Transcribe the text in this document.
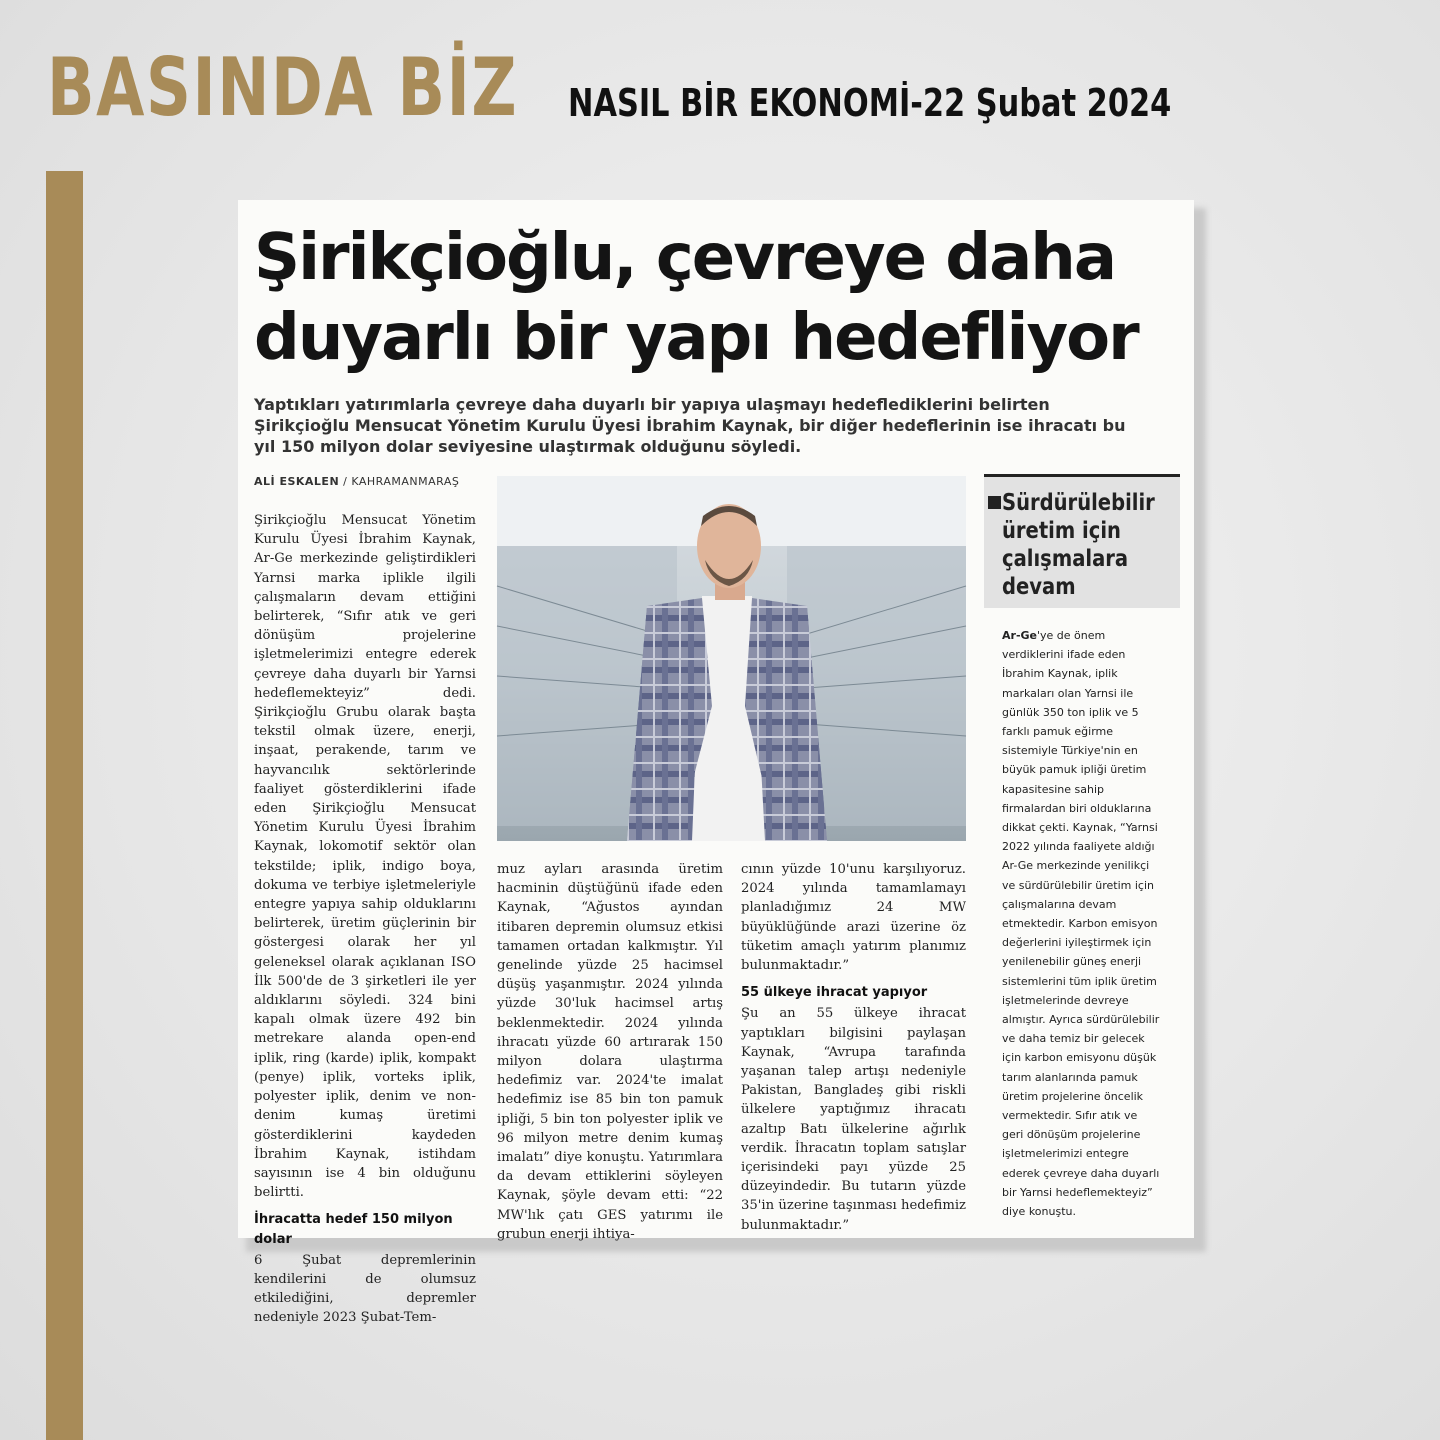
BASINDA BİZ NASIL BİR EKONOMİ-22 Şubat 2024
Şirikçioğlu, çevreye daha duyarlı bir yapı hedefliyor
Yaptıkları yatırımlarla çevreye daha duyarlı bir yapıya ulaşmayı hedeflediklerini belirten Şirikçioğlu Mensucat Yönetim Kurulu Üyesi İbrahim Kaynak, bir diğer hedeflerinin ise ihracatı bu yıl 150 milyon dolar seviyesine ulaştırmak olduğunu söyledi.
ALİ ESKALEN / KAHRAMANMARAŞ
Şirikçioğlu Mensucat Yönetim Kurulu Üyesi İbrahim Kaynak, Ar-Ge merkezinde geliştirdikleri Yarnsi marka iplikle ilgili çalışmaların devam ettiğini belirterek, “Sıfır atık ve geri dönüşüm projelerine işletmelerimizi entegre ederek çevreye daha duyarlı bir Yarnsi hedeflemekteyiz” dedi. Şirikçioğlu Grubu olarak başta tekstil olmak üzere, enerji, inşaat, perakende, tarım ve hayvancılık sektörlerinde faaliyet gösterdiklerini ifade eden Şirikçioğlu Mensucat Yönetim Kurulu Üyesi İbrahim Kaynak, lokomotif sektör olan tekstilde; iplik, indigo boya, dokuma ve terbiye işletmeleriyle entegre yapıya sahip olduklarını belirterek, üretim güçlerinin bir göstergesi olarak her yıl geleneksel olarak açıklanan ISO İlk 500'de de 3 şirketleri ile yer aldıklarını söyledi. 324 bini kapalı olmak üzere 492 bin metrekare alanda open-end iplik, ring (karde) iplik, kompakt (penye) iplik, vorteks iplik, polyester iplik, denim ve non-denim kumaş üretimi gösterdiklerini kaydeden İbrahim Kaynak, istihdam sayısının ise 4 bin olduğunu belirtti.
İhracatta hedef 150 milyon dolar
6 Şubat depremlerinin kendilerini de olumsuz etkilediğini, depremler nedeniyle 2023 Şubat-Tem-
muz ayları arasında üretim hacminin düştüğünü ifade eden Kaynak, “Ağustos ayından itibaren depremin olumsuz etkisi tamamen ortadan kalkmıştır. Yıl genelinde yüzde 25 hacimsel düşüş yaşanmıştır. 2024 yılında yüzde 30'luk hacimsel artış beklenmektedir. 2024 yılında ihracatı yüzde 60 artırarak 150 milyon dolara ulaştırma hedefimiz var. 2024'te imalat hedefimiz ise 85 bin ton pamuk ipliği, 5 bin ton polyester iplik ve 96 milyon metre denim kumaş imalatı” diye konuştu. Yatırımlara da devam ettiklerini söyleyen Kaynak, şöyle devam etti: “22 MW'lık çatı GES yatırımı ile grubun enerji ihtiya-
cının yüzde 10'unu karşılıyoruz. 2024 yılında tamamlamayı planladığımız 24 MW büyüklüğünde arazi üzerine öz tüketim amaçlı yatırım planımız bulunmaktadır.”
55 ülkeye ihracat yapıyor
Şu an 55 ülkeye ihracat yaptıkları bilgisini paylaşan Kaynak, “Avrupa tarafında yaşanan talep artışı nedeniyle Pakistan, Bangladeş gibi riskli ülkelere yaptığımız ihracatı azaltıp Batı ülkelerine ağırlık verdik. İhracatın toplam satışlar içerisindeki payı yüzde 25 düzeyindedir. Bu tutarın yüzde 35'in üzerine taşınması hedefimiz bulunmaktadır.”
Sürdürülebilir üretim için çalışmalara devam
Ar-Ge'ye de önem verdiklerini ifade eden İbrahim Kaynak, iplik markaları olan Yarnsi ile günlük 350 ton iplik ve 5 farklı pamuk eğirme sistemiyle Türkiye'nin en büyük pamuk ipliği üretim kapasitesine sahip firmalardan biri olduklarına dikkat çekti. Kaynak, “Yarnsi 2022 yılında faaliyete aldığı Ar-Ge merkezinde yenilikçi ve sürdürülebilir üretim için çalışmalarına devam etmektedir. Karbon emisyon değerlerini iyileştirmek için yenilenebilir güneş enerji sistemlerini tüm iplik üretim işletmelerinde devreye almıştır. Ayrıca sürdürülebilir ve daha temiz bir gelecek için karbon emisyonu düşük tarım alanlarında pamuk üretim projelerine öncelik vermektedir. Sıfır atık ve geri dönüşüm projelerine işletmelerimizi entegre ederek çevreye daha duyarlı bir Yarnsi hedeflemekteyiz” diye konuştu.
